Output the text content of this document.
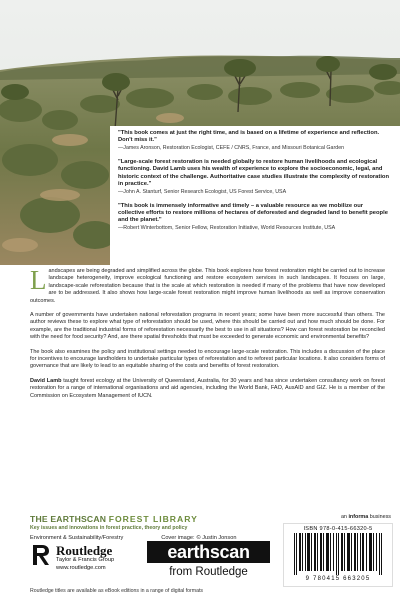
"This book comes at just the right time, and is based on a lifetime of experience and reflection. Don't miss it."

—James Aronson, Restoration Ecologist, CEFE / CNRS, France, and Missouri Botanical Garden

"Large-scale forest restoration is needed globally to restore human livelihoods and ecological functioning. David Lamb uses his wealth of experience to explore the socioeconomic, legal, and historic context of the challenge. Authoritative case studies illustrate the complexity of restoration in practice."

—John A. Stanturf, Senior Research Ecologist, US Forest Service, USA

"This book is immensely informative and timely – a valuable resource as we mobilize our collective efforts to restore millions of hectares of deforested and degraded land to benefit people and the planet."

—Robert Winterbottom, Senior Fellow, Restoration Initiative, World Resources Institute, USA

Landscapes are being degraded and simplified across the globe. This book explores how forest restoration might be carried out to increase landscape heterogeneity, improve ecological functioning and restore ecosystem services in such landscapes. It focuses on large, landscape-scale reforestation because that is the scale at which restoration is needed if many of the problems that have now developed are to be addressed. It also shows how large-scale forest restoration might improve human livelihoods as well as improve conservation outcomes.

A number of governments have undertaken national reforestation programs in recent years; some have been more successful than others. The author reviews these to explore what type of reforestation should be used, where this should be carried out and how much should be done. For example, are the traditional industrial forms of reforestation necessarily the best to use in all situations? How can forest restoration be reconciled with the need for food security? And, are there spatial thresholds that must be exceeded to generate economic and environmental benefits?

The book also examines the policy and institutional settings needed to encourage large-scale restoration. This includes a discussion of the place for incentives to encourage landholders to undertake particular types of reforestation and to reforest particular locations. It also considers forms of governance that are likely to lead to an equitable sharing of the costs and benefits of forest restoration.

David Lamb taught forest ecology at the University of Queensland, Australia, for 30 years and has since undertaken consultancy work on forest restoration for a range of international organisations and aid agencies, including the World Bank, FAO, AusAID and GIZ. He is a member of the Commission on Ecosystem Management of IUCN.

THE EARTHSCAN FOREST LIBRARY

Key issues and innovations in forest practice, theory and policy

Environment & Sustainability/Forestry	Cover image: © Justin Jonson
Routledge
Taylor & Francis Group
www.routledge.com
earthscan
from Routledge
an informa business
ISBN 978-0-415-66320-5
9 780415 663205
Routledge titles are available as eBook editions in a range of digital formats
